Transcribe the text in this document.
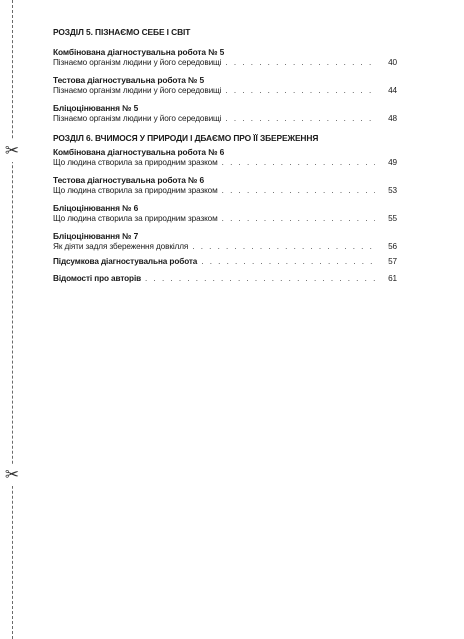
✂
✂
РОЗДІЛ 5. ПІЗНАЄМО СЕБЕ І СВІТ
Комбінована діагностувальна робота № 5
Пізнаємо організм людини у його середовищі . . .	40
Тестова діагностувальна робота № 5
Пізнаємо організм людини у його середовищі . . .	44
Бліцоцінювання № 5
Пізнаємо організм людини у його середовищі . . .	48
РОЗДІЛ 6. ВЧИМОСЯ У ПРИРОДИ І ДБАЄМО ПРО ЇЇ ЗБЕРЕЖЕННЯ
Комбінована діагностувальна робота № 6
Що людина створила за природним зразком . . .	49
Тестова діагностувальна робота № 6
Що людина створила за природним зразком . . .	53
Бліцоцінювання № 6
Що людина створила за природним зразком . . .	55
Бліцоцінювання № 7
Як діяти задля збереження довкілля . . .	56
Підсумкова діагностувальна робота . . .	57
Відомості про авторів . . .	61
